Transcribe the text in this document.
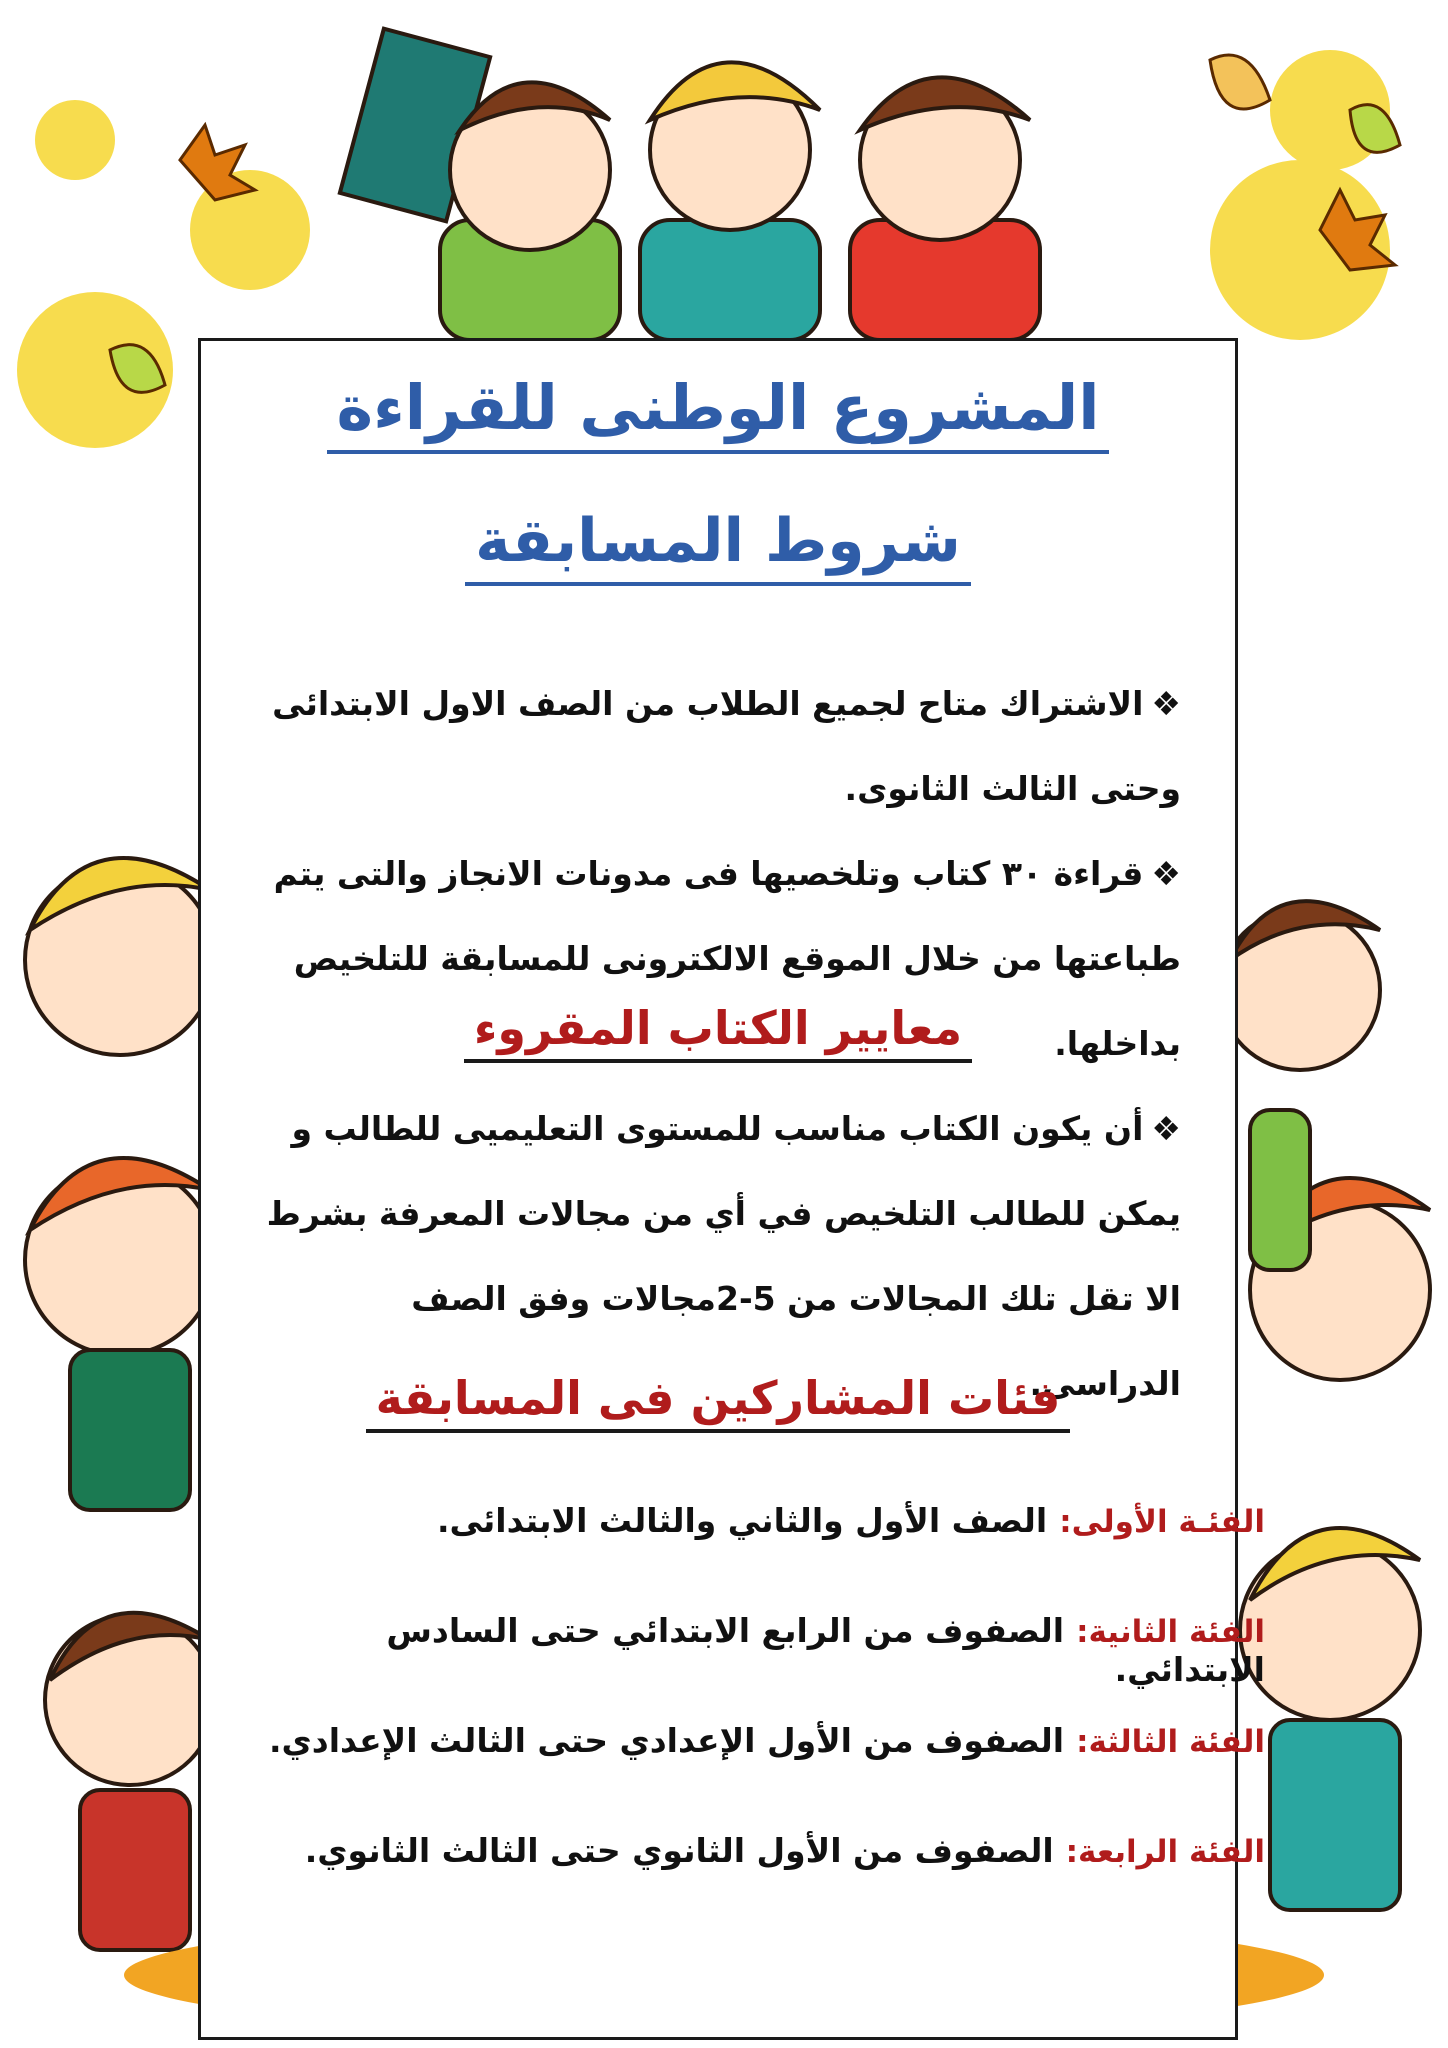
المشروع الوطنى للقراءة
شروط المسابقة
❖الاشتراك متاح لجميع الطلاب من الصف الاول الابتدائى وحتى الثالث الثانوى.
❖قراءة ٣٠ كتاب وتلخصيها فى مدونات الانجاز والتى يتم طباعتها من خلال الموقع الالكترونى للمسابقة للتلخيص بداخلها.
معايير الكتاب المقروء
❖أن يكون الكتاب مناسب للمستوى التعليميى للطالب و يمكن للطالب التلخيص في أي من مجالات المعرفة بشرط الا تقل تلك المجالات من 5-2مجالات وفق الصف الدراسى.
فئات المشاركين فى المسابقة
الفئـة الأولى:الصف الأول والثاني والثالث الابتدائى.
الفئة الثانية:الصفوف من الرابع الابتدائي حتى السادس الابتدائي.
الفئة الثالثة:الصفوف من الأول الإعدادي حتى الثالث الإعدادي.
الفئة الرابعة:الصفوف من الأول الثانوي حتى الثالث الثانوي.
